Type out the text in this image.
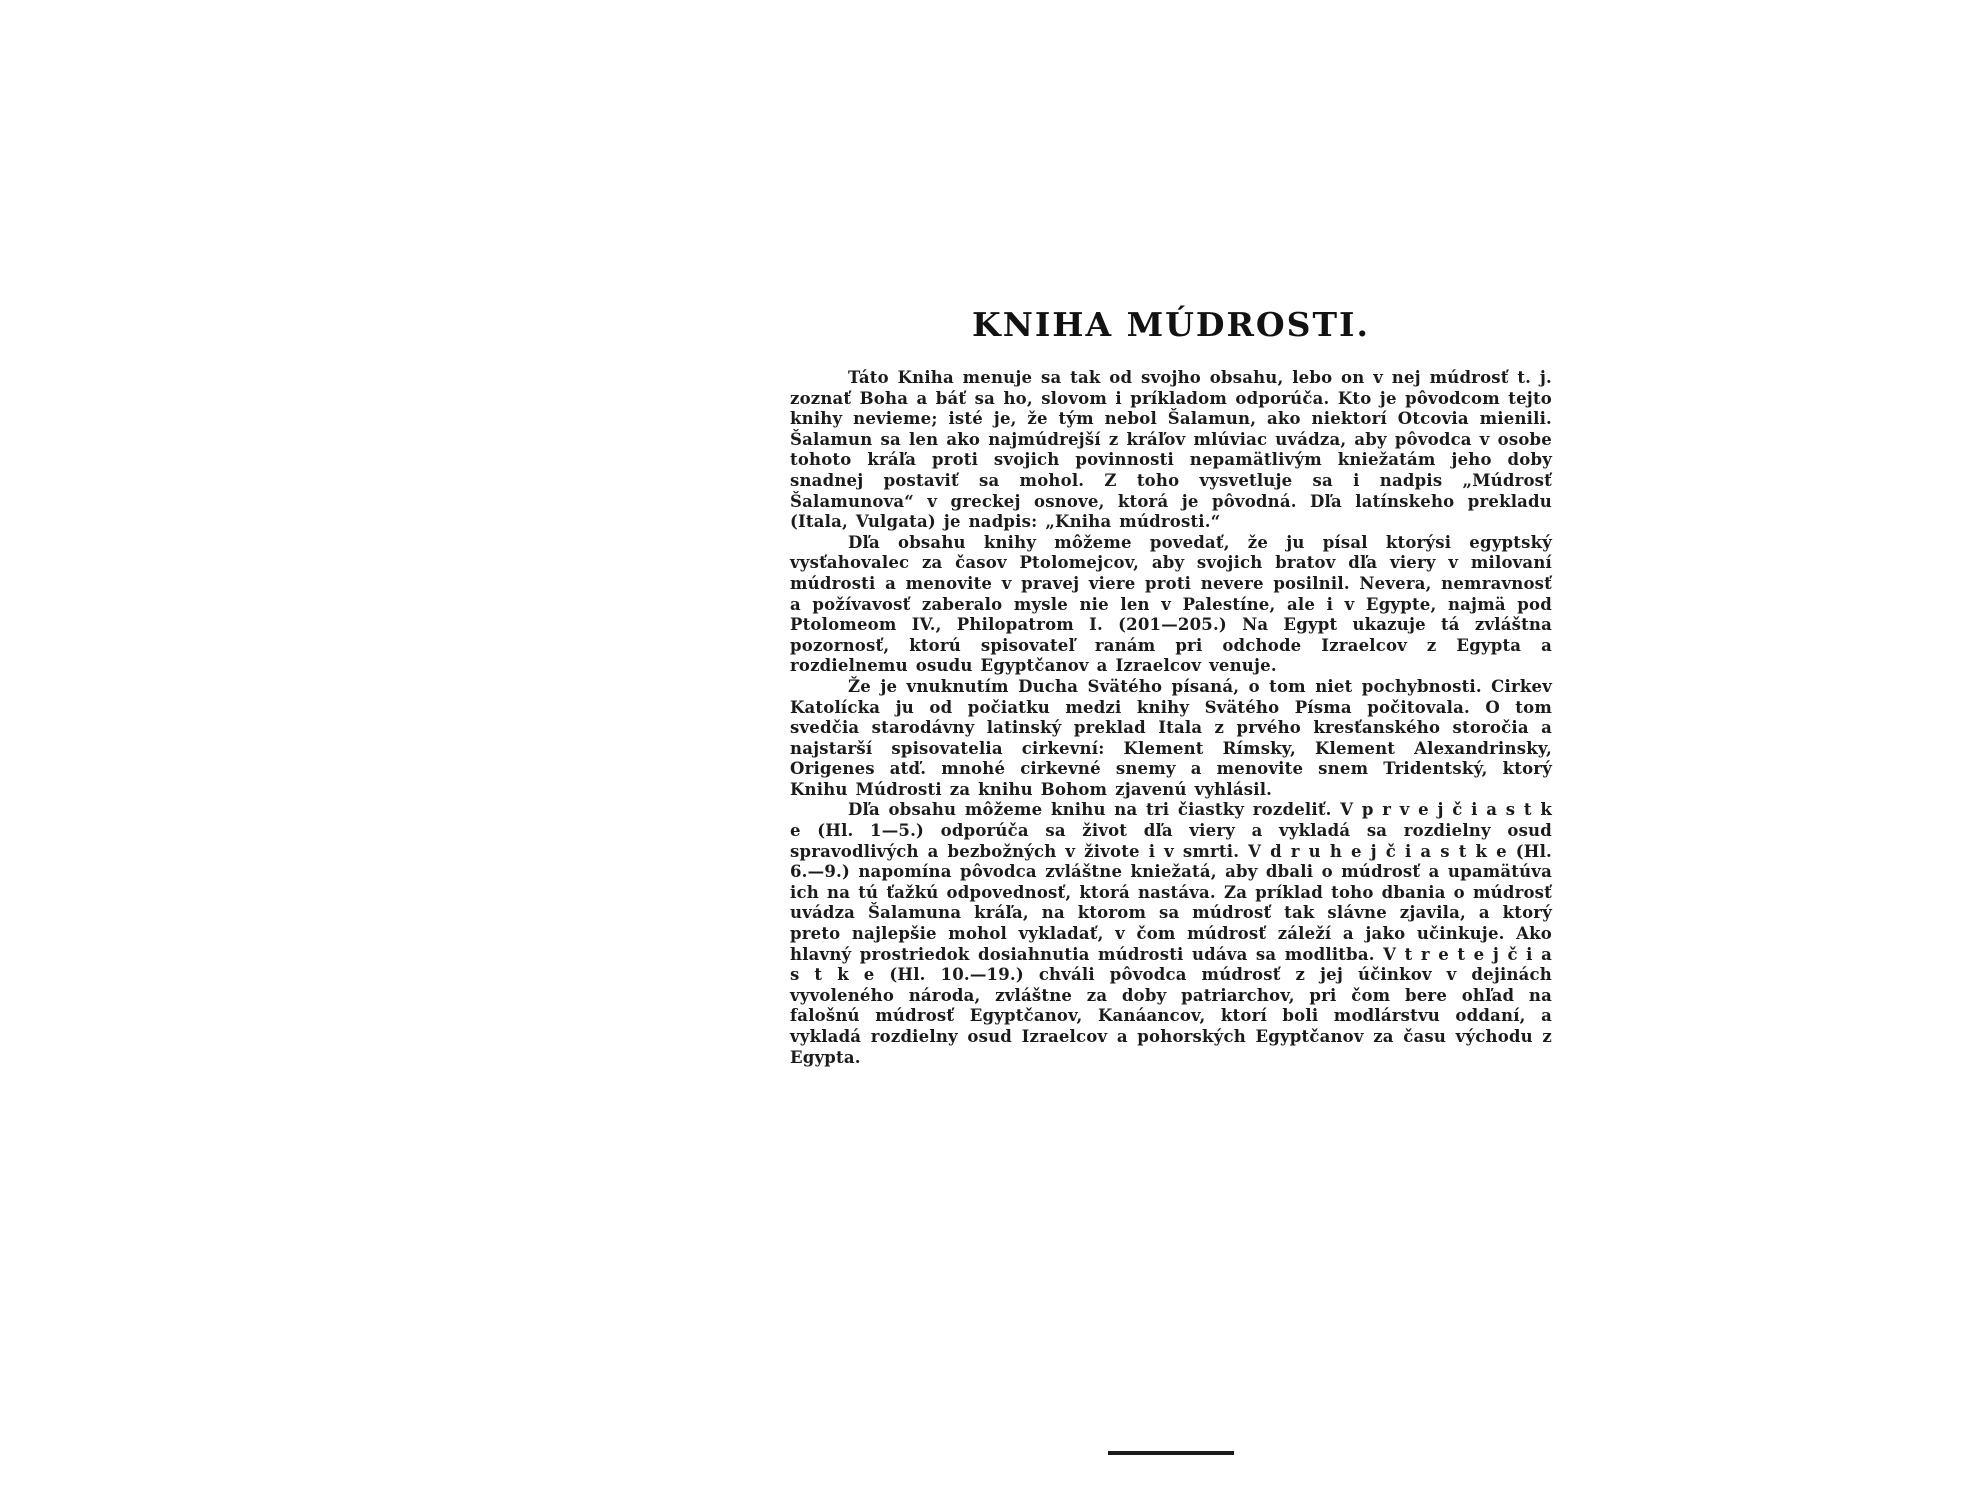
KNIHA MÚDROSTI.

Táto Kniha menuje sa tak od svojho obsahu, lebo on v nej múdrosť t. j. zoznať Boha a báť sa ho, slovom i príkladom odporúča. Kto je pôvodcom tejto knihy nevieme; isté je, že tým nebol Šalamun, ako niektorí Otcovia mienili. Šalamun sa len ako najmúdrejší z kráľov mlúviac uvádza, aby pôvodca v osobe tohoto kráľa proti svojich povinnosti nepamätlivým kniežatám jeho doby snadnej postaviť sa mohol. Z toho vysvetluje sa i nadpis „Múdrosť Šalamunova“ v greckej osnove, ktorá je pôvodná. Dľa latínskeho prekladu (Itala, Vulgata) je nadpis: „Kniha múdrosti.“

Dľa obsahu knihy môžeme povedať, že ju písal ktorýsi egyptský vysťahovalec za časov Ptolomejcov, aby svojich bratov dľa viery v milovaní múdrosti a menovite v pravej viere proti nevere posilnil. Nevera, nemravnosť a požívavosť zaberalo mysle nie len v Palestíne, ale i v Egypte, najmä pod Ptolomeom IV., Philopatrom I. (201—205.) Na Egypt ukazuje tá zvláštna pozornosť, ktorú spisovateľ ranám pri odchode Izraelcov z Egypta a rozdielnemu osudu Egyptčanov a Izraelcov venuje.

Že je vnuknutím Ducha Svätého písaná, o tom niet pochybnosti. Cirkev Katolícka ju od počiatku medzi knihy Svätého Písma počitovala. O tom svedčia starodávny latinský preklad Itala z prvého kresťanského storočia a najstarší spisovatelia cirkevní: Klement Rímsky, Klement Alexandrinsky, Origenes atď. mnohé cirkevné snemy a menovite snem Tridentský, ktorý Knihu Múdrosti za knihu Bohom zjavenú vyhlásil.

Dľa obsahu môžeme knihu na tri čiastky rozdeliť. V p r v e j č i a s t k e (Hl. 1—5.) odporúča sa život dľa viery a vykladá sa rozdielny osud spravodlivých a bezbožných v živote i v smrti. V d r u h e j č i a s t k e (Hl. 6.—9.) napomína pôvodca zvláštne kniežatá, aby dbali o múdrosť a upamätúva ich na tú ťažkú odpovednosť, ktorá nastáva. Za príklad toho dbania o múdrosť uvádza Šalamuna kráľa, na ktorom sa múdrosť tak slávne zjavila, a ktorý preto najlepšie mohol vykladať, v čom múdrosť záleží a jako učinkuje. Ako hlavný prostriedok dosiahnutia múdrosti udáva sa modlitba. V t r e t e j č i a s t k e (Hl. 10.—19.) chváli pôvodca múdrosť z jej účinkov v dejinách vyvoleného národa, zvláštne za doby patriarchov, pri čom bere ohľad na falošnú múdrosť Egyptčanov, Kanáancov, ktorí boli modlárstvu oddaní, a vykladá rozdielny osud Izraelcov a pohorských Egyptčanov za času východu z Egypta.
